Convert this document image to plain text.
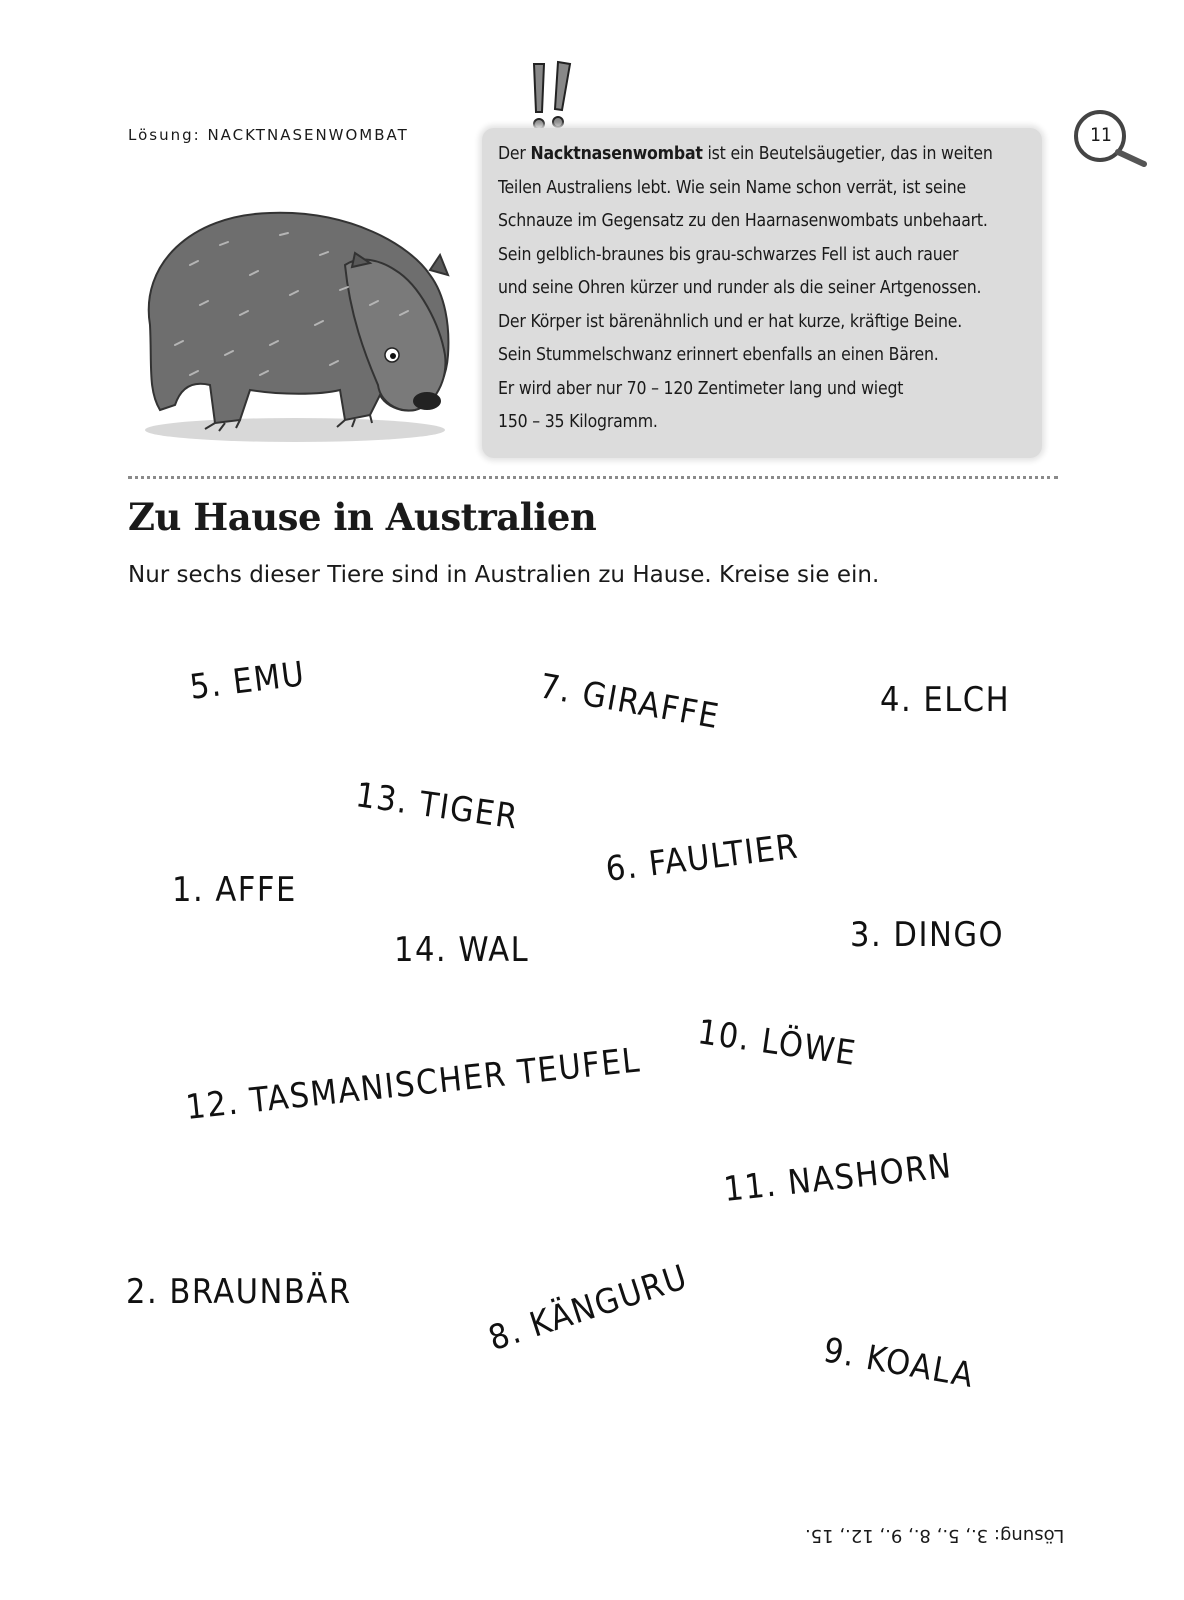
Lösung: NACKTNASENWOMBAT

Der Nacktnasenwombat ist ein Beutelsäugetier, das in weiten
Teilen Australiens lebt. Wie sein Name schon verrät, ist seine
Schnauze im Gegensatz zu den Haarnasenwombats unbehaart.
Sein gelblich-braunes bis grau-schwarzes Fell ist auch rauer
und seine Ohren kürzer und runder als die seiner Artgenossen.
Der Körper ist bärenähnlich und er hat kurze, kräftige Beine.
Sein Stummelschwanz erinnert ebenfalls an einen Bären.
Er wird aber nur 70 – 120 Zentimeter lang und wiegt
150 – 35 Kilogramm.

11
Zu Hause in Australien
Nur sechs dieser Tiere sind in Australien zu Hause. Kreise sie ein.
5. EMU	7. GIRAFFE	4. ELCH
13. TIGER
6. FAULTIER
1. AFFE
14. WAL	3. DINGO
10. LÖWE
12. TASMANISCHER TEUFEL
11. NASHORN
2. BRAUNBÄR	8. KÄNGURU
9. KOALA
Lösung: 3., 5., 8., 9., 12., 15.
